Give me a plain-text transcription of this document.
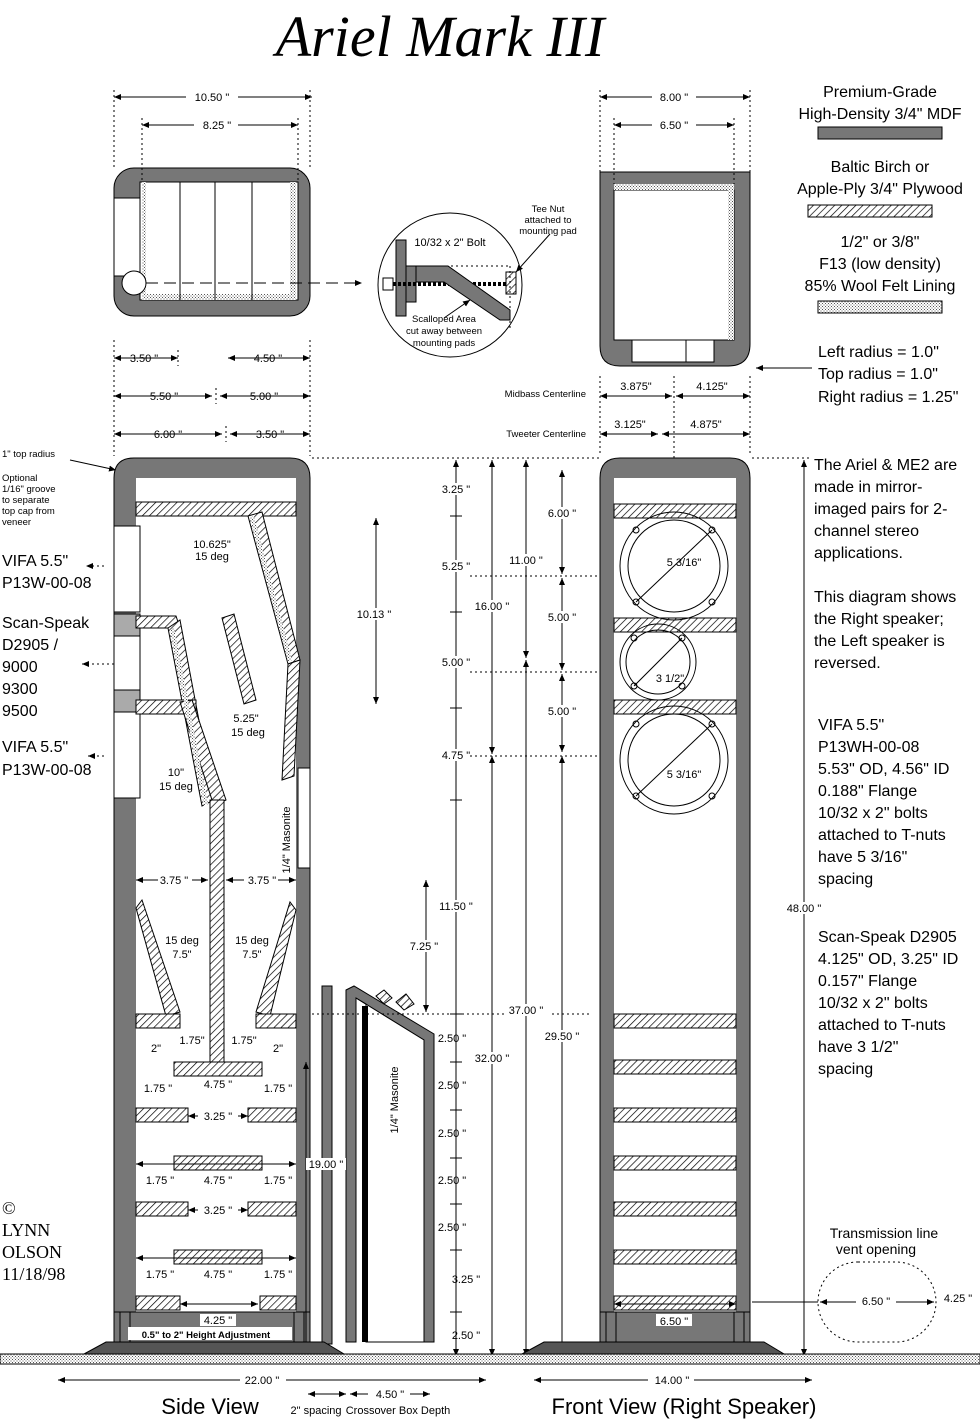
Ariel Mark III
10.50 "
8.25 "
Tee Nut
attached to
mounting pad
10/32 x 2" Bolt
Scalloped Area
cut away between
mounting pads
8.00 "
6.50 "
Premium-Grade
High-Density 3/4" MDF
Baltic Birch or
Apple-Ply 3/4" Plywood
1/2" or 3/8"
F13 (low density)
85% Wool Felt Lining
Left radius = 1.0"
Top radius = 1.0"
Right radius = 1.25"
3.50 "	4.50 "
5.50 "	5.00 "
6.00 "	3.50 "
Midbass Centerline
Tweeter Centerline
3.875"	4.125"
3.125"	4.875"
1" top radius
Optional
1/16" groove
to separate
top cap from
veneer
VIFA 5.5"
P13W-00-08
Scan-Speak
D2905 /
9000
9300
9500
VIFA 5.5"
P13W-00-08
10.625"
15 deg
5.25"
15 deg
10"
15 deg
15 deg
7.5"
15 deg
7.5"
1/4" Masonite
3.75 "	3.75 "
1.75" 1.75"
2"	2"
1.75 "	4.75 "	1.75 "
3.25 "
1.75 "	4.75 "	1.75 "
3.25 "
1.75 "	4.75 "	1.75 "
4.25 "
0.5" to 2" Height Adjustment
1/4" Masonite
10.13 "
19.00 "
3.25 "
5.25 "
5.00 "
4.75 "
11.50 "
7.25 "
2.50 "
2.50 "
2.50 "
2.50 "
2.50 "
3.25 "
2.50 "
16.00 "
32.00 "
11.00 "
37.00 "
29.50 "
6.00 "
5.00 "
5.00 "
48.00 "
5 3/16"
3 1/2"
5 3/16"
6.50 "
The Ariel & ME2 are
made in mirror-
imaged pairs for 2-
channel stereo
applications.
This diagram shows
the Right speaker;
the Left speaker is
reversed.
VIFA 5.5"
P13WH-00-08
5.53" OD, 4.56" ID
0.188" Flange
10/32 x 2" bolts
attached to T-nuts
have 5 3/16"
spacing
Scan-Speak D2905
4.125" OD, 3.25" ID
0.157" Flange
10/32 x 2" bolts
attached to T-nuts
have 3 1/2"
spacing
Transmission line
vent opening
6.50 "	4.25 "
©
LYNN
OLSON
11/18/98
22.00 "	14.00 "
4.50 "
2" spacing Crossover Box Depth
Side View	Front View (Right Speaker)
